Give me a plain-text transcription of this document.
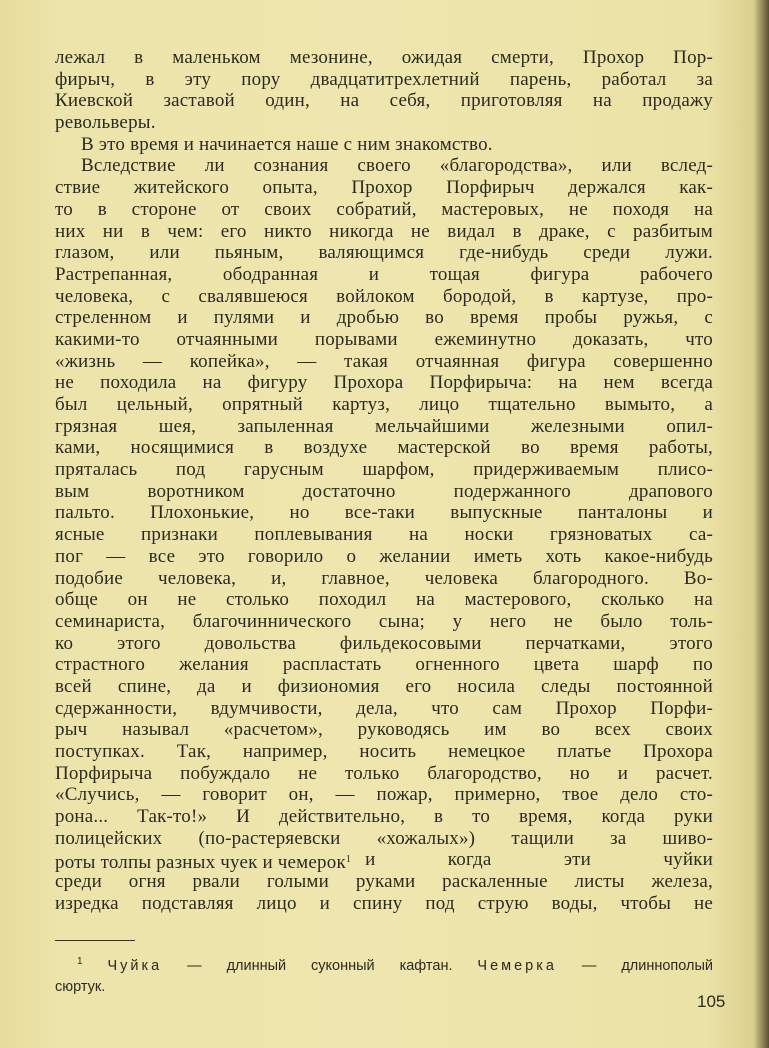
лежал в маленьком мезонине, ожидая смерти, Прохор Пор-
фирыч, в эту пору двадцатитрехлетний парень, работал за
Киевской заставой один, на себя, приготовляя на продажу
револьверы.
В это время и начинается наше с ним знакомство.
Вследствие ли сознания своего «благородства», или вслед-
ствие житейского опыта, Прохор Порфирыч держался как-
то в стороне от своих собратий, мастеровых, не походя на
них ни в чем: его никто никогда не видал в драке, с разбитым
глазом, или пьяным, валяющимся где-нибудь среди лужи.
Растрепанная, ободранная и тощая фигура рабочего
человека, с свалявшеюся войлоком бородой, в картузе, про-
стреленном и пулями и дробью во время пробы ружья, с
какими-то отчаянными порывами ежеминутно доказать, что
«жизнь — копейка», — такая отчаянная фигура совершенно
не походила на фигуру Прохора Порфирыча: на нем всегда
был цельный, опрятный картуз, лицо тщательно вымыто, а
грязная шея, запыленная мельчайшими железными опил-
ками, носящимися в воздухе мастерской во время работы,
пряталась под гарусным шарфом, придерживаемым плисо-
вым воротником достаточно подержанного драпового
пальто. Плохонькие, но все-таки выпускные панталоны и
ясные признаки поплевывания на носки грязноватых са-
пог — все это говорило о желании иметь хоть какое-нибудь
подобие человека, и, главное, человека благородного. Во-
обще он не столько походил на мастерового, сколько на
семинариста, благочиннического сына; у него не было толь-
ко этого довольства фильдекосовыми перчатками, этого
страстного желания распластать огненного цвета шарф по
всей спине, да и физиономия его носила следы постоянной
сдержанности, вдумчивости, дела, что сам Прохор Порфи-
рыч называл «расчетом», руководясь им во всех своих
поступках. Так, например, носить немецкое платье Прохора
Порфирыча побуждало не только благородство, но и расчет.
«Случись, — говорит он, — пожар, примерно, твое дело сто-
рона... Так-то!» И действительно, в то время, когда руки
полицейских (по-растеряевски «хожалых») тащили за шиво-
роты толпы разных чуек и чемерок$^1$ и когда эти чуйки
среди огня рвали голыми руками раскаленные листы железа,
изредка подставляя лицо и спину под струю воды, чтобы не
$^1$ Чуйка — длинный суконный кафтан. Чемерка — длиннополый
сюртук.
105
